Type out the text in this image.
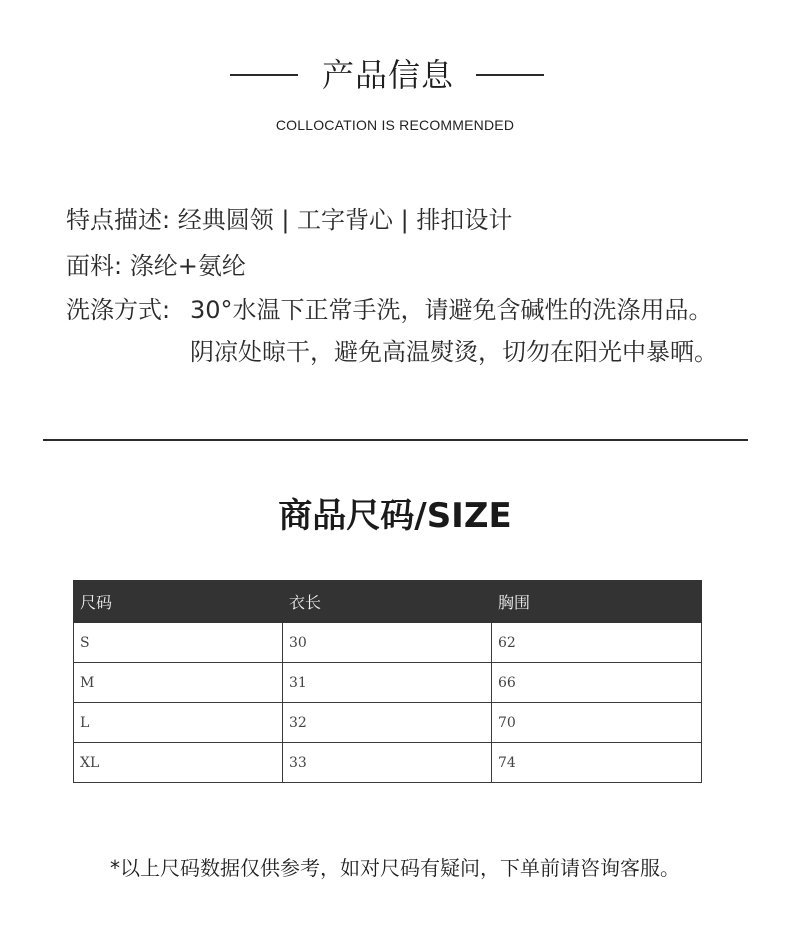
产品信息
COLLOCATION IS RECOMMENDED
特点描述: 经典圆领 | 工字背心 | 排扣设计
面料: 涤纶+氨纶
洗涤方式: 30°水温下正常手洗，请避免含碱性的洗涤用品。
阴凉处晾干，避免高温熨烫，切勿在阳光中暴晒。
商品尺码/SIZE
尺码	衣长	胸围
S	30	62
M	31	66
L	32	70
XL	33	74
*以上尺码数据仅供参考，如对尺码有疑问，下单前请咨询客服。
